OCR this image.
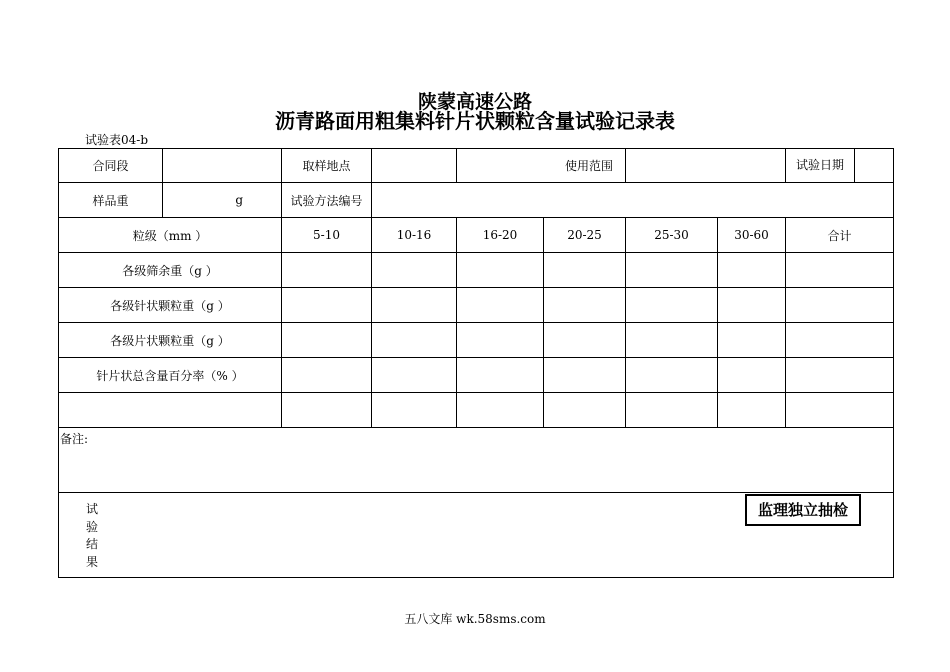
陕蒙高速公路
沥青路面用粗集料针片状颗粒含量试验记录表
试验表04-b
合同段		取样地点		使用范围				试验日期

样品重	g	试验方法编号						
粒级（mm ）		5-10	10-16	16-20	20-25	25-30	30-60	合计
各级筛余重（g ）								
各级针状颗粒重（g ）								
各级片状颗粒重（g ）								
针片状总含量百分率（% ）								

备注:								

试验结果
监理独立抽检								
五八文库 wk.58sms.com
